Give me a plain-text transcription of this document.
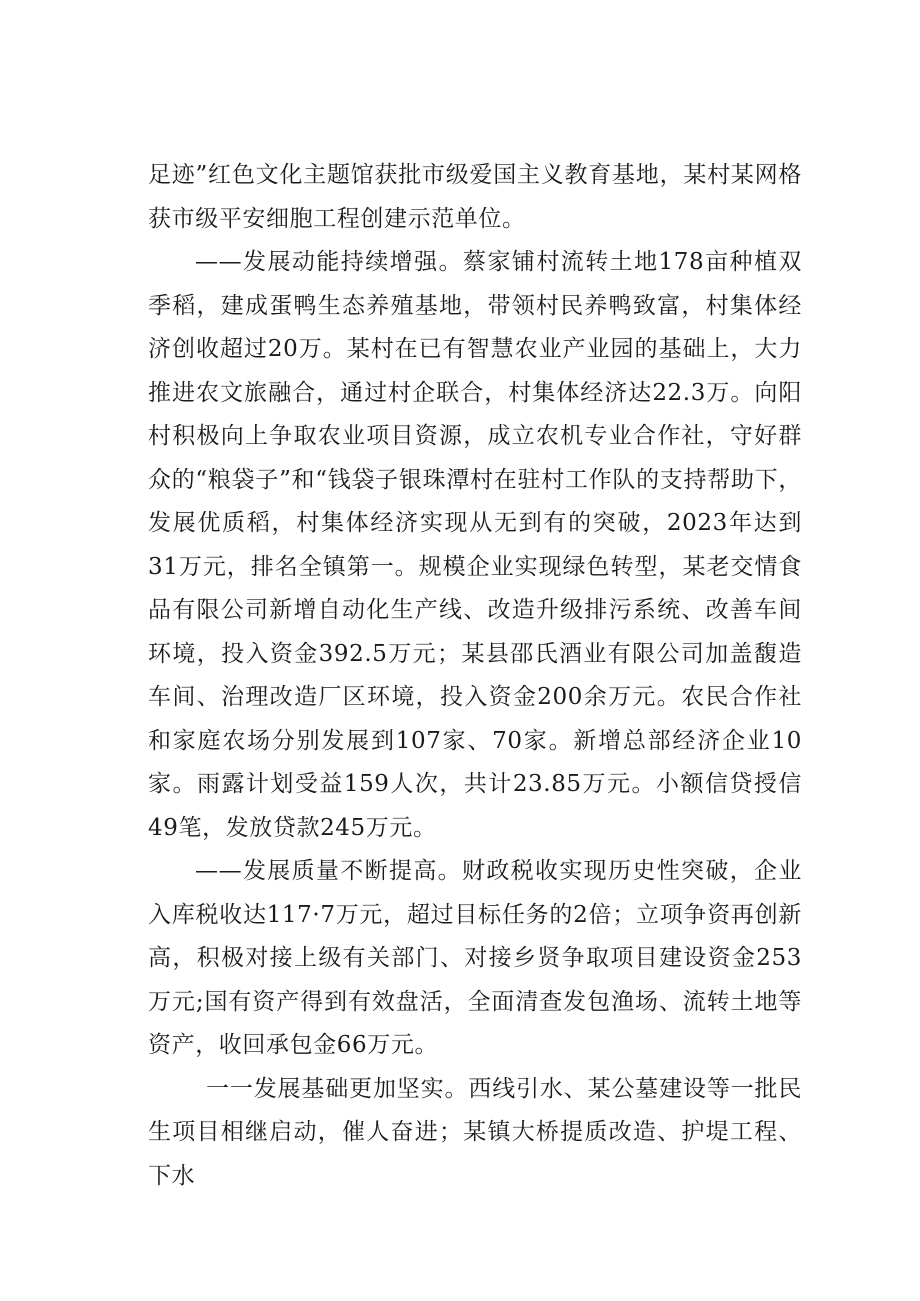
足迹”红色文化主题馆获批市级爱国主义教育基地，某村某网格获市级平安细胞工程创建示范单位。

——发展动能持续增强。蔡家铺村流转土地178亩种植双季稻，建成蛋鸭生态养殖基地，带领村民养鸭致富，村集体经济创收超过20万。某村在已有智慧农业产业园的基础上，大力推进农文旅融合，通过村企联合，村集体经济达22.3万。向阳村积极向上争取农业项目资源，成立农机专业合作社，守好群众的“粮袋子”和“钱袋子银珠潭村在驻村工作队的支持帮助下，发展优质稻，村集体经济实现从无到有的突破，2023年达到31万元，排名全镇第一。规模企业实现绿色转型，某老交情食品有限公司新增自动化生产线、改造升级排污系统、改善车间环境，投入资金392.5万元；某县邵氏酒业有限公司加盖馥造车间、治理改造厂区环境，投入资金200余万元。农民合作社和家庭农场分别发展到107家、70家。新增总部经济企业10家。雨露计划受益159人次，共计23.85万元。小额信贷授信49笔，发放贷款245万元。

——发展质量不断提高。财政税收实现历史性突破，企业入库税收达117·7万元，超过目标任务的2倍；立项争资再创新高，积极对接上级有关部门、对接乡贤争取项目建设资金253万元;国有资产得到有效盘活，全面清查发包渔场、流转土地等资产，收回承包金66万元。

一一发展基础更加坚实。西线引水、某公墓建设等一批民生项目相继启动，催人奋进；某镇大桥提质改造、护堤工程、下水
